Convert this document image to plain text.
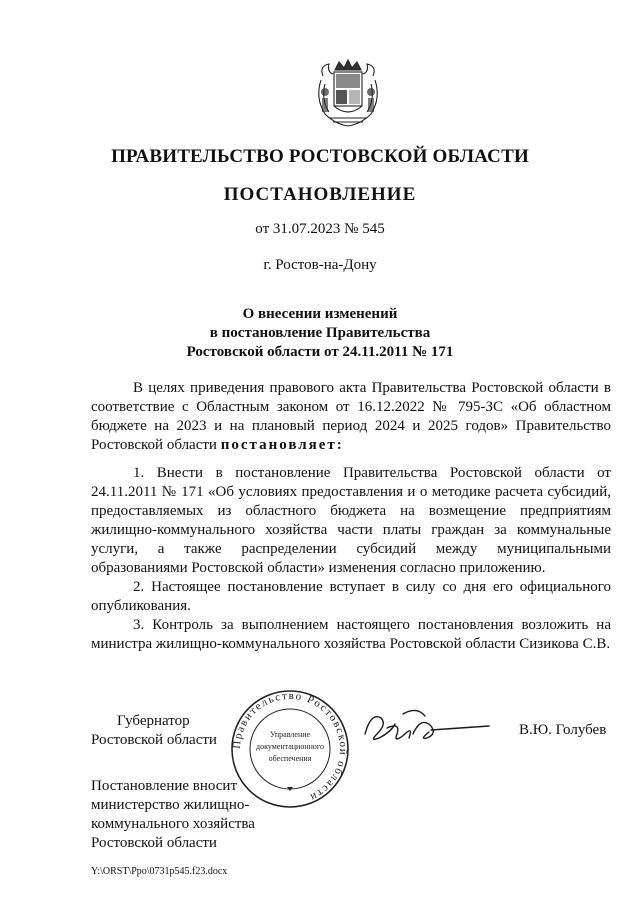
ПРАВИТЕЛЬСТВО РОСТОВСКОЙ ОБЛАСТИ
ПОСТАНОВЛЕНИЕ
от 31.07.2023 № 545
г. Ростов-на-Дону
О внесении изменений
в постановление Правительства
Ростовской области от 24.11.2011 № 171
В целях приведения правового акта Правительства Ростовской области в соответствие с Областным законом от 16.12.2022 № 795-ЗС «Об областном бюджете на 2023 и на плановый период 2024 и 2025 годов» Правительство Ростовской области постановляет:
1. Внести в постановление Правительства Ростовской области от 24.11.2011 № 171 «Об условиях предоставления и о методике расчета субсидий, предоставляемых из областного бюджета на возмещение предприятиям жилищно-коммунального хозяйства части платы граждан за коммунальные услуги, а также распределении субсидий между муниципальными образованиями Ростовской области» изменения согласно приложению.
2. Настоящее постановление вступает в силу со дня его официального опубликования.
3. Контроль за выполнением настоящего постановления возложить на министра жилищно-коммунального хозяйства Ростовской области Сизикова С.В.
Губернатор
Ростовской области Правительство Ростовской области
Управление
документационного
обеспечения
В.Ю. Голубев
Постановление вносит
министерство жилищно-
коммунального хозяйства
Ростовской области
Y:\ORST\Ppo\0731p545.f23.docx
